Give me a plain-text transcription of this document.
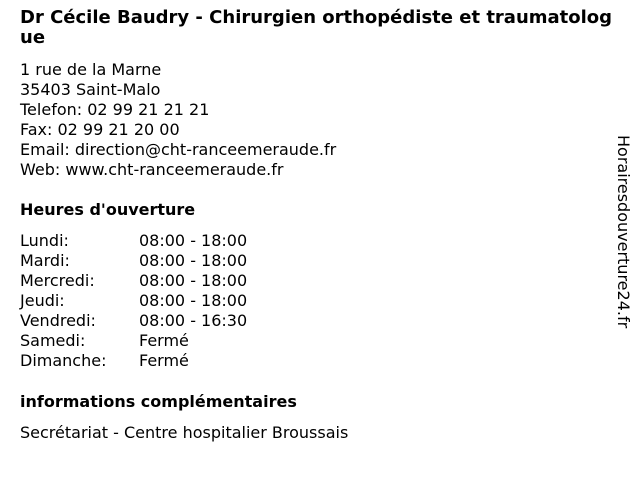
Dr Cécile Baudry - Chirurgien orthopédiste et traumatologue
1 rue de la Marne
35403 Saint-Malo
Telefon: 02 99 21 21 21
Fax: 02 99 21 20 00
Email: direction@cht-ranceemeraude.fr
Web: www.cht-ranceemeraude.fr
Heures d'ouverture
Lundi:	08:00 - 18:00
Mardi:	08:00 - 18:00
Mercredi:	08:00 - 18:00
Jeudi:	08:00 - 18:00
Vendredi:	08:00 - 16:30
Samedi:	Fermé
Dimanche:	Fermé
informations complémentaires
Secrétariat - Centre hospitalier Broussais
Horairesdouverture24.fr
